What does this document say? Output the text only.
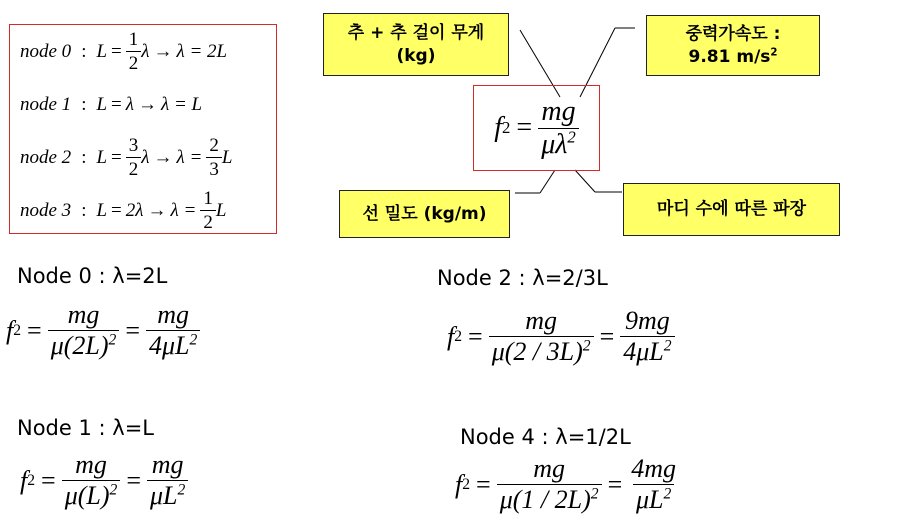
node 0 : $L = \frac{1}{2}$ λ → λ = 2L
node 1 : L = λ → λ = L
node 2 : $L = \frac{3}{2}$ $\lambda \to \lambda = \frac{2}{3}$ L
node 3 : $L = 2\lambda \to \lambda = \frac{1}{2}$ L
추 + 추 걸이 무게
(kg)
중력가속도 :
9.81 $m/s^2$
선 밀도 (kg/m)	마디 수에 따른 파장
f $2 = \frac{mg}{\mu\lambda^2}$
Node 0 : λ=2L
f $2 = \frac{mg}{\mu(2L)^2} = \frac{mg}{4\mu L^2}$
Node 1 : λ=L
f $2 = \frac{mg}{\mu(L)^2} = \frac{mg}{\mu L^2}$
Node 2 : λ=2/3L
f $2 = \frac{mg}{\mu(2 / 3L)^2} = \frac{9mg}{4\mu L^2}$
Node 4 : λ=1/2L
f $2 = \frac{mg}{\mu(1 / 2L)^2} = \frac{4mg}{\mu L^2}$
